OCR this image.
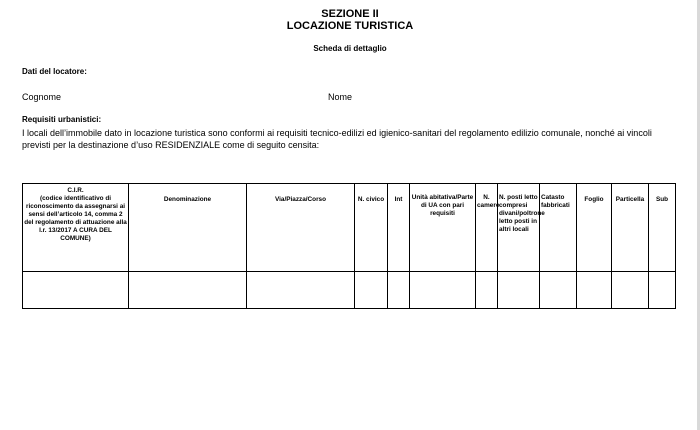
SEZIONE II
LOCAZIONE TURISTICA
Scheda di dettaglio
Dati del locatore:
Cognome	Nome
Requisiti urbanistici:
I locali dell’immobile dato in locazione turistica sono conformi ai requisiti tecnico-edilizi ed igienico-sanitari del regolamento edilizio comunale, nonché ai vincoli previsti per la destinazione d’uso RESIDENZIALE come di seguito censita:
C.I.R.
(codice identificativo di riconoscimento da assegnarsi ai sensi dell’articolo 14, comma 2 del regolamento di attuazione alla l.r. 13/2017 A CURA DEL COMUNE)	Denominazione	Via/Piazza/Corso	N. civico	Int	Unità abitativa/Parte di UA con pari requisiti	N. camere	N. posti letto compresi divani/poltrone letto posti in altri locali	Catasto fabbricati	Foglio	Particella	Sub
